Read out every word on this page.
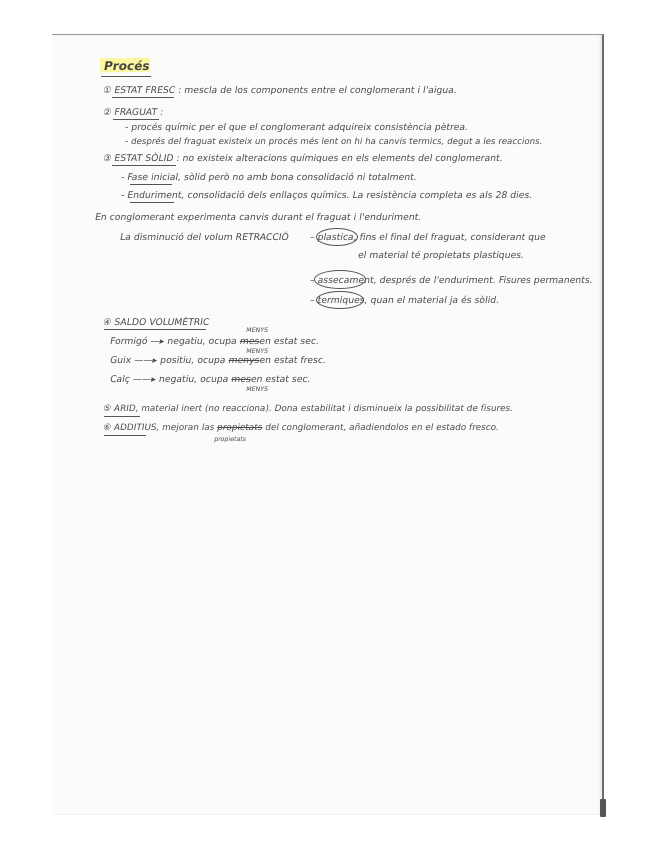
Procés
① ESTAT FRESC : mescla de los components entre el conglomerant i l'aigua.
② FRAGUAT :
- procés químic per el que el conglomerant adquireix consistència pètrea.
- després del fraguat existeix un procés més lent on hi ha canvis termics, degut a les reaccions.
③ ESTAT SÒLID : no existeix alteracions químiques en els elements del conglomerant.
- Fase inicial, sòlid però no amb bona consolidació ni totalment.
- Enduriment, consolidació dels enllaços químics. La resistència completa es als 28 dies.
En conglomerant experimenta canvis durant el fraguat i l'enduriment.
La disminució del volum RETRACCIÓ – plastica, fins el final del fraguat, considerant que
el material té propietats plastiques.
– assecament, després de l'enduriment. Fisures permanents.
– termiques, quan el material ja és sòlid.
④ SALDO VOLUMÈTRIC
MENYS
Formigó —▸ negatiu, ocupa mesen estat sec.
MENYS
Guix ——▸ positiu, ocupa menysen estat fresc.
Calç ——▸ negatiu, ocupa mesen estat sec.
MENYS
⑤ ARID, material inert (no reacciona). Dona estabilitat i disminueix la possibilitat de fisures.
⑥ ADDITIUS, mejoran las propietats del conglomerant, añadiendolos en el estado fresco.
propietats
